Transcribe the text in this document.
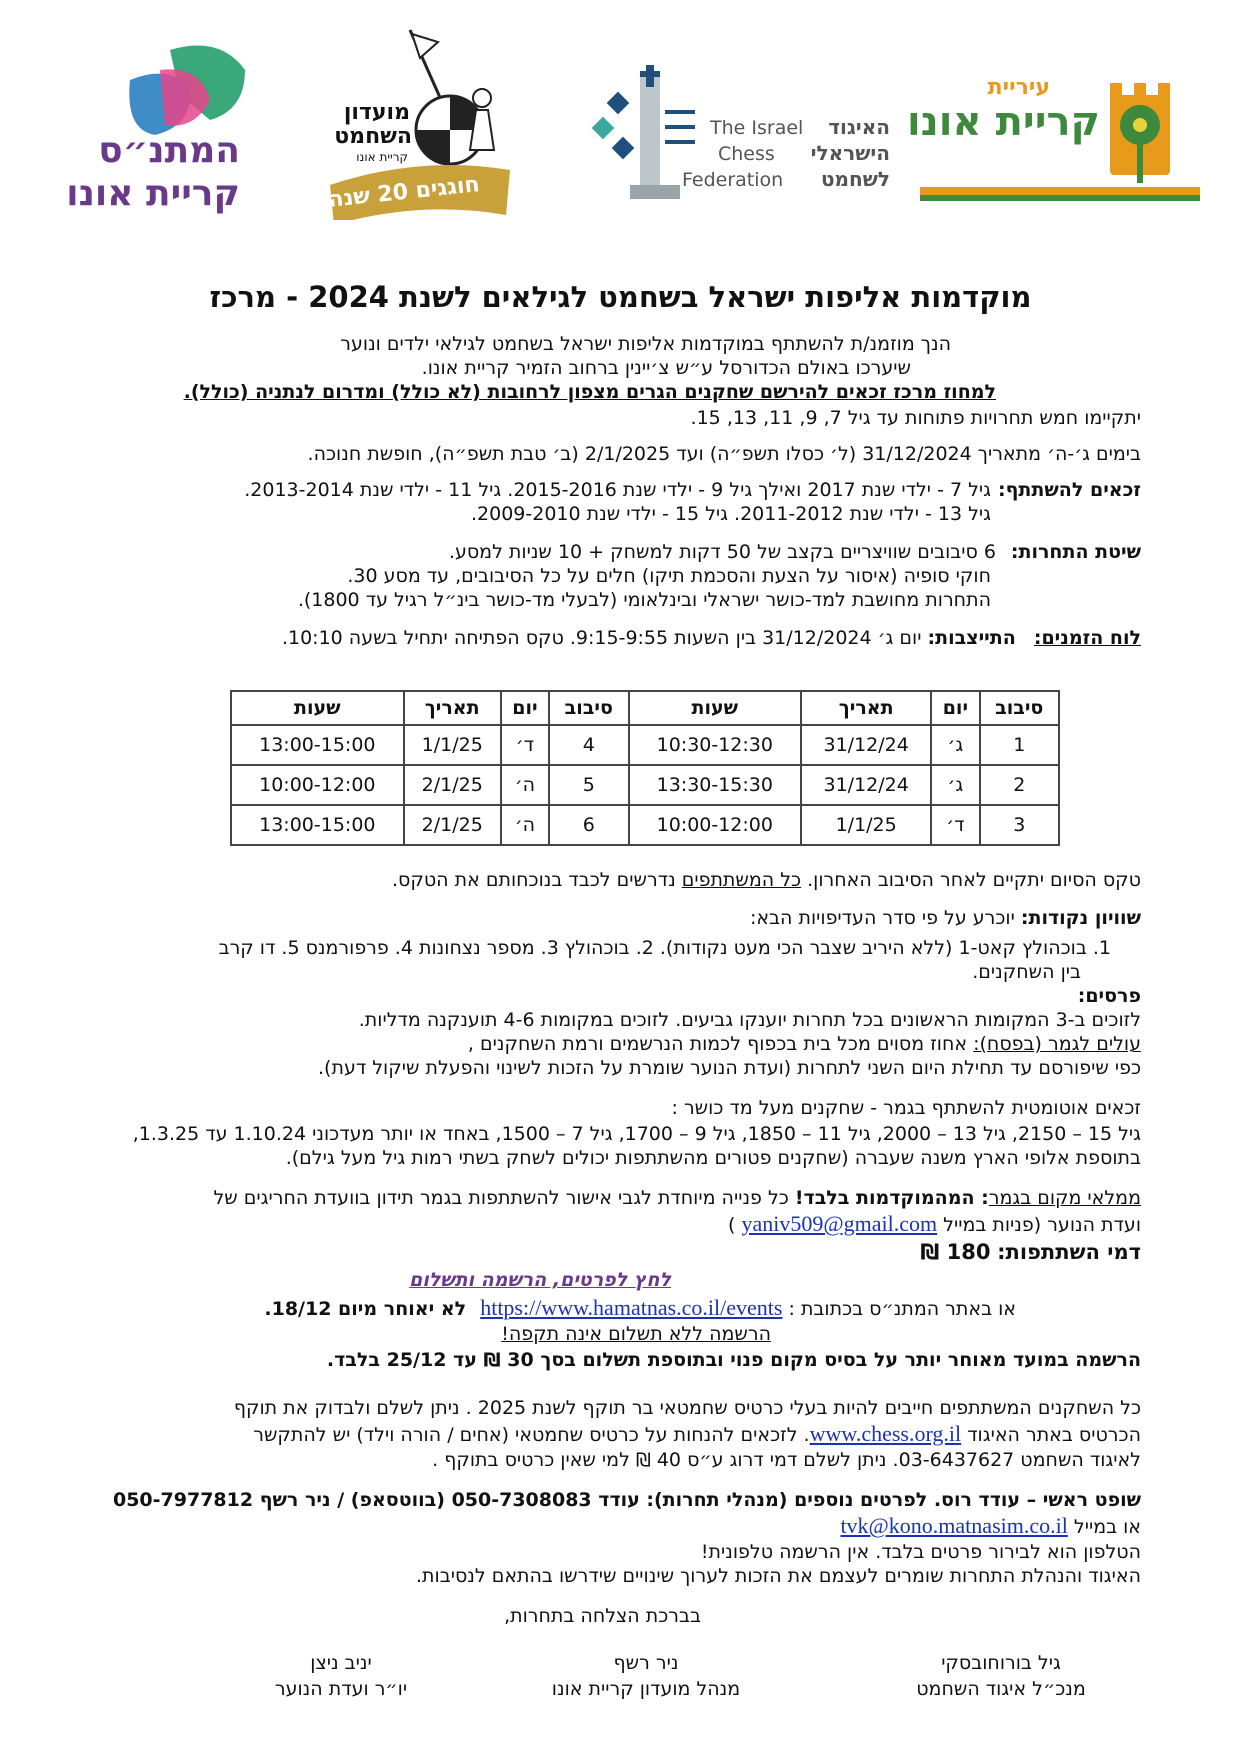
עיריית
קריית אונו
האיגוד
הישראלי
לשחמט
The Israel
Chess
Federation
מועדון
השחמט
קריית אונו
חוגגים 20 שנה
המתנ״ס
קריית אונו
מוקדמות אליפות ישראל בשחמט לגילאים לשנת 2024 - מרכז
הנך מוזמנ/ת להשתתף במוקדמות אליפות ישראל בשחמט לגילאי ילדים ונוער
שיערכו באולם הכדורסל ע״ש צ׳יינין ברחוב הזמיר קריית אונו.
למחוז מרכז זכאים להירשם שחקנים הגרים מצפון לרחובות (לא כולל) ומדרום לנתניה (כולל).
יתקיימו חמש תחרויות פתוחות עד גיל 7, 9, 11, 13, 15.
בימים ג׳-ה׳ מתאריך 31/12/2024 (ל׳ כסלו תשפ״ה) ועד 2/1/2025 (ב׳ טבת תשפ״ה), חופשת חנוכה.
זכאים להשתתף:
גיל 7 - ילדי שנת 2017 ואילך גיל 9 - ילדי שנת 2015-2016. גיל 11 - ילדי שנת 2013-2014.
גיל 13 - ילדי שנת 2011-2012. גיל 15 - ילדי שנת 2009-2010.
שיטת התחרות:
6 סיבובים שוויצריים בקצב של 50 דקות למשחק + 10 שניות למסע.
חוקי סופיה (איסור על הצעת והסכמת תיקו) חלים על כל הסיבובים, עד מסע 30.
התחרות מחושבת למד-כושר ישראלי ובינלאומי (לבעלי מד-כושר בינ״ל רגיל עד 1800).
לוח הזמנים: התייצבות: יום ג׳ 31/12/2024 בין השעות 9:15-9:55. טקס הפתיחה יתחיל בשעה 10:10.
סיבוב	יום	תאריך	שעות	סיבוב	יום	תאריך	שעות
1	ג׳	31/12/24	10:30-12:30	4	ד׳	1/1/25	13:00-15:00
2	ג׳	31/12/24	13:30-15:30	5	ה׳	2/1/25	10:00-12:00
3	ד׳	1/1/25	10:00-12:00	6	ה׳	2/1/25	13:00-15:00
טקס הסיום יתקיים לאחר הסיבוב האחרון. כל המשתתפים נדרשים לכבד בנוכחותם את הטקס.
שוויון נקודות: יוכרע על פי סדר העדיפויות הבא:
1. בוכהולץ קאט-1 (ללא היריב שצבר הכי מעט נקודות). 2. בוכהולץ 3. מספר נצחונות 4. פרפורמנס 5. דו קרב
בין השחקנים.
פרסים:
לזוכים ב-3 המקומות הראשונים בכל תחרות יוענקו גביעים. לזוכים במקומות 4-6 תוענקנה מדליות.
עולים לגמר (בפסח): אחוז מסוים מכל בית בכפוף לכמות הנרשמים ורמת השחקנים ,
כפי שיפורסם עד תחילת היום השני לתחרות (ועדת הנוער שומרת על הזכות לשינוי והפעלת שיקול דעת).
זכאים אוטומטית להשתתף בגמר - שחקנים מעל מד כושר :
גיל 15 – 2150, גיל 13 – 2000, גיל 11 – 1850, גיל 9 – 1700, גיל 7 – 1500, באחד או יותר מעדכוני 1.10.24 עד 1.3.25,
בתוספת אלופי הארץ משנה שעברה (שחקנים פטורים מהשתתפות יכולים לשחק בשתי רמות גיל מעל גילם).
ממלאי מקום בגמר: המהמוקדמות בלבד! כל פנייה מיוחדת לגבי אישור להשתתפות בגמר תידון בוועדת החריגים של
ועדת הנוער (פניות במייל yaniv509@gmail.com )
דמי השתתפות: 180 ₪
לחץ לפרטים, הרשמה ותשלום
או באתר המתנ״ס בכתובת : https://www.hamatnas.co.il/events לא יאוחר מיום 18/12.
הרשמה ללא תשלום אינה תקפה!
הרשמה במועד מאוחר יותר על בסיס מקום פנוי ובתוספת תשלום בסך 30 ₪ עד 25/12 בלבד.
כל השחקנים המשתתפים חייבים להיות בעלי כרטיס שחמטאי בר תוקף לשנת 2025 . ניתן לשלם ולבדוק את תוקף
הכרטיס באתר האיגוד www.chess.org.il. לזכאים להנחות על כרטיס שחמטאי (אחים / הורה וילד) יש להתקשר
לאיגוד השחמט 03-6437627. ניתן לשלם דמי דרוג ע״ס 40 ₪ למי שאין כרטיס בתוקף .
שופט ראשי – עודד רוס. לפרטים נוספים (מנהלי תחרות): עודד 050-7308083 (בווטסאפ) / ניר רשף 050-7977812
או במייל tvk@kono.matnasim.co.il
הטלפון הוא לבירור פרטים בלבד. אין הרשמה טלפונית!
האיגוד והנהלת התחרות שומרים לעצמם את הזכות לערוך שינויים שידרשו בהתאם לנסיבות.
בברכת הצלחה בתחרות,
גיל בורוחובסקי
מנכ״ל איגוד השחמט
ניר רשף
מנהל מועדון קריית אונו
יניב ניצן
יו״ר ועדת הנוער
